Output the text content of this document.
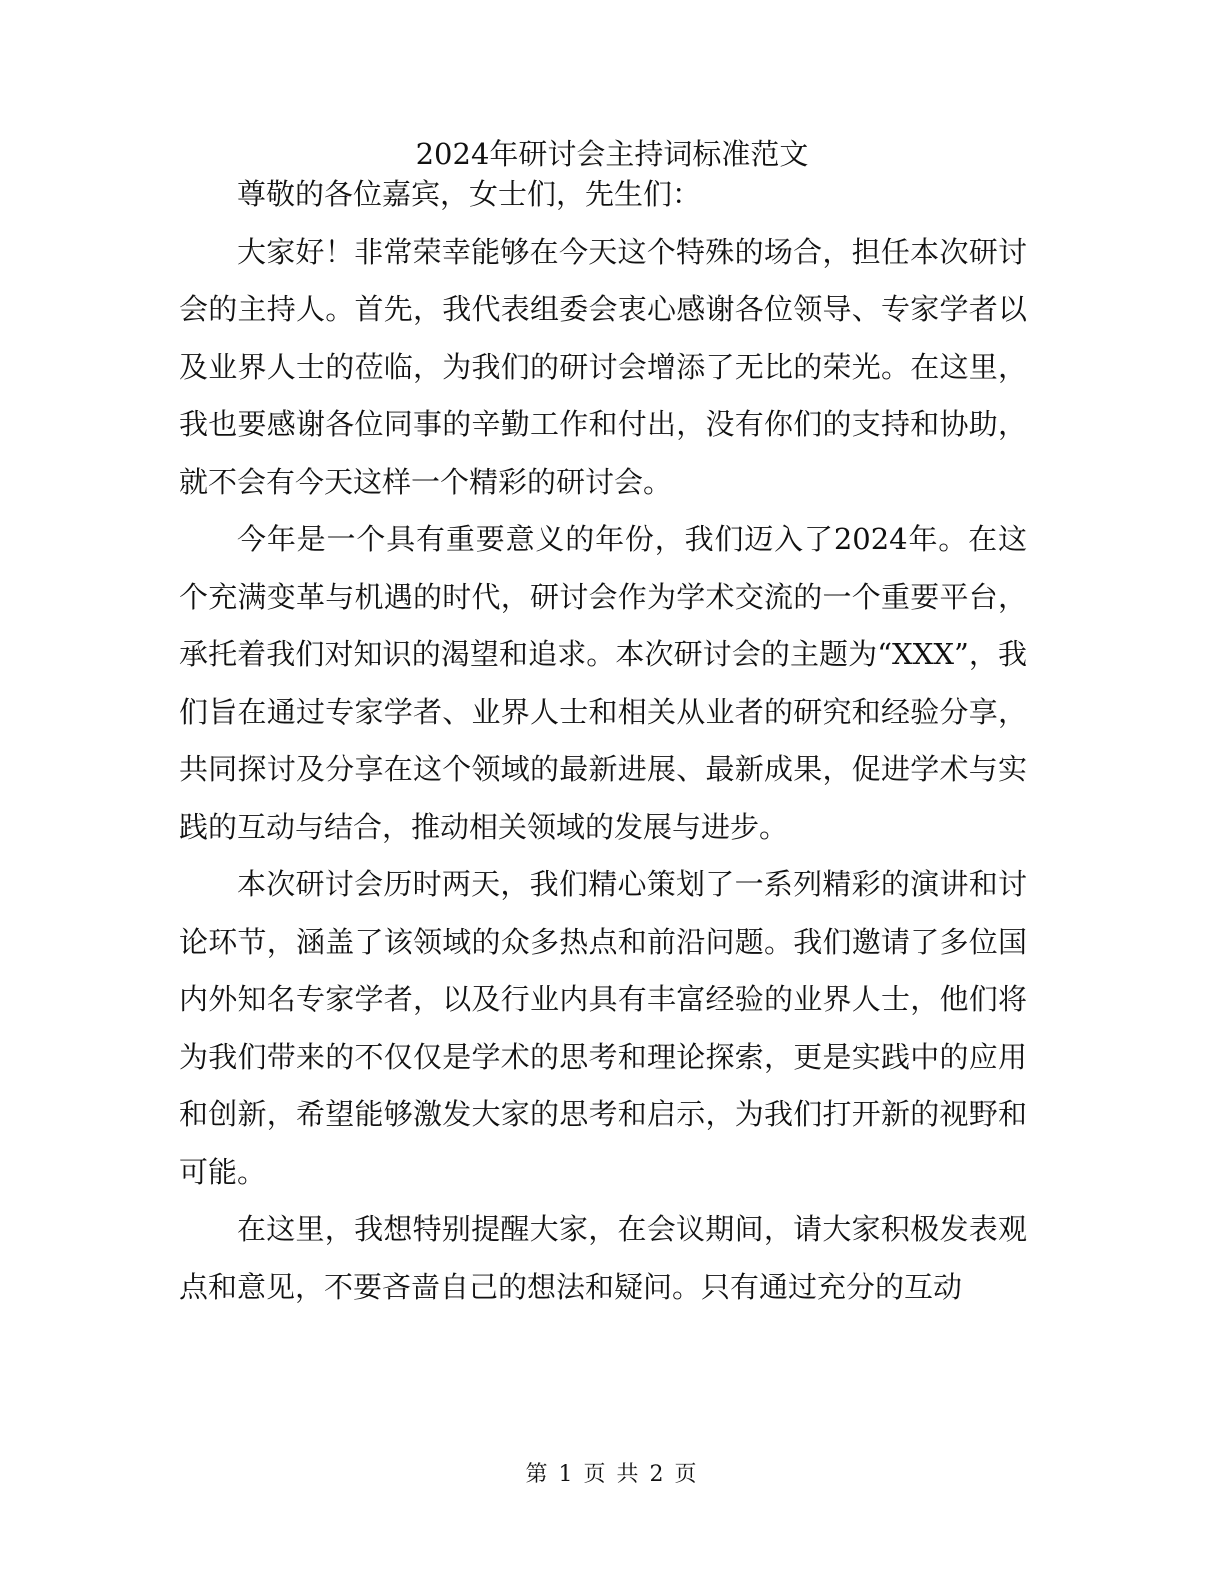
2024年研讨会主持词标准范文

尊敬的各位嘉宾，女士们，先生们：

大家好！非常荣幸能够在今天这个特殊的场合，担任本次研讨会的主持人。首先，我代表组委会衷心感谢各位领导、专家学者以及业界人士的莅临，为我们的研讨会增添了无比的荣光。在这里，我也要感谢各位同事的辛勤工作和付出，没有你们的支持和协助，就不会有今天这样一个精彩的研讨会。

今年是一个具有重要意义的年份，我们迈入了2024年。在这个充满变革与机遇的时代，研讨会作为学术交流的一个重要平台，承托着我们对知识的渴望和追求。本次研讨会的主题为“XXX”，我们旨在通过专家学者、业界人士和相关从业者的研究和经验分享，共同探讨及分享在这个领域的最新进展、最新成果，促进学术与实践的互动与结合，推动相关领域的发展与进步。

本次研讨会历时两天，我们精心策划了一系列精彩的演讲和讨论环节，涵盖了该领域的众多热点和前沿问题。我们邀请了多位国内外知名专家学者，以及行业内具有丰富经验的业界人士，他们将为我们带来的不仅仅是学术的思考和理论探索，更是实践中的应用和创新，希望能够激发大家的思考和启示，为我们打开新的视野和可能。

在这里，我想特别提醒大家，在会议期间，请大家积极发表观点和意见，不要吝啬自己的想法和疑问。只有通过充分的互动

第 1 页 共 2 页
